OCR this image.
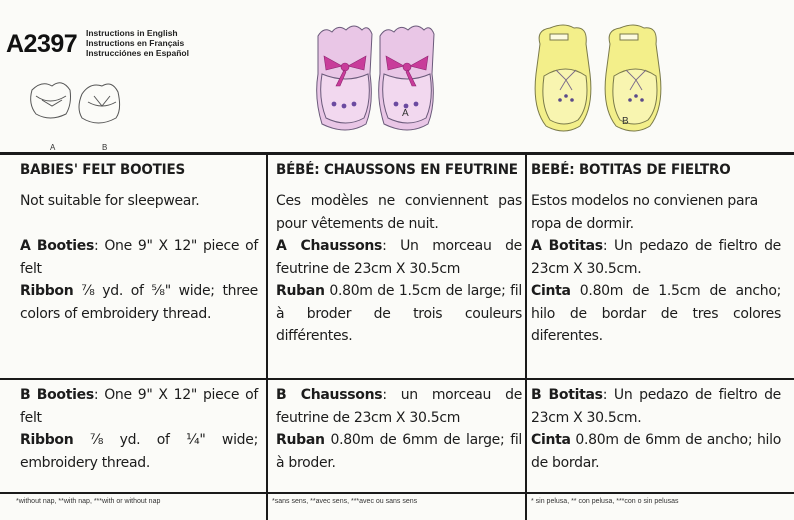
A2397 Instructions in English
Instructions en Français
Instrucciónes en Español
A	B
A
B
BABIES' FELT BOOTIES
Not suitable for sleepwear.
A Booties: One 9" X 12" piece of felt
Ribbon ⅞ yd. of ⅝" wide; three colors of embroidery thread.
B Booties: One 9" X 12" piece of felt
Ribbon ⅞ yd. of ¼" wide; embroidery thread.
BÉBÉ: CHAUSSONS EN FEUTRINE
Ces modèles ne conviennent pas pour vêtements de nuit.
A Chaussons: Un morceau de feutrine de 23cm X 30.5cm
Ruban 0.80m de 1.5cm de large; fil à broder de trois couleurs différentes.
B Chaussons: un morceau de feutrine de 23cm X 30.5cm
Ruban 0.80m de 6mm de large; fil à broder.
BEBÉ: BOTITAS DE FIELTRO
Estos modelos no convienen para ropa de dormir.
A Botitas: Un pedazo de fieltro de 23cm X 30.5cm.
Cinta 0.80m de 1.5cm de ancho; hilo de bordar de tres colores diferentes.
B Botitas: Un pedazo de fieltro de 23cm X 30.5cm.
Cinta 0.80m de 6mm de ancho; hilo de bordar.
*without nap, **with nap, ***with or without nap	*sans sens, **avec sens, ***avec ou sans sens	* sin pelusa, ** con pelusa, ***con o sin pelusas
